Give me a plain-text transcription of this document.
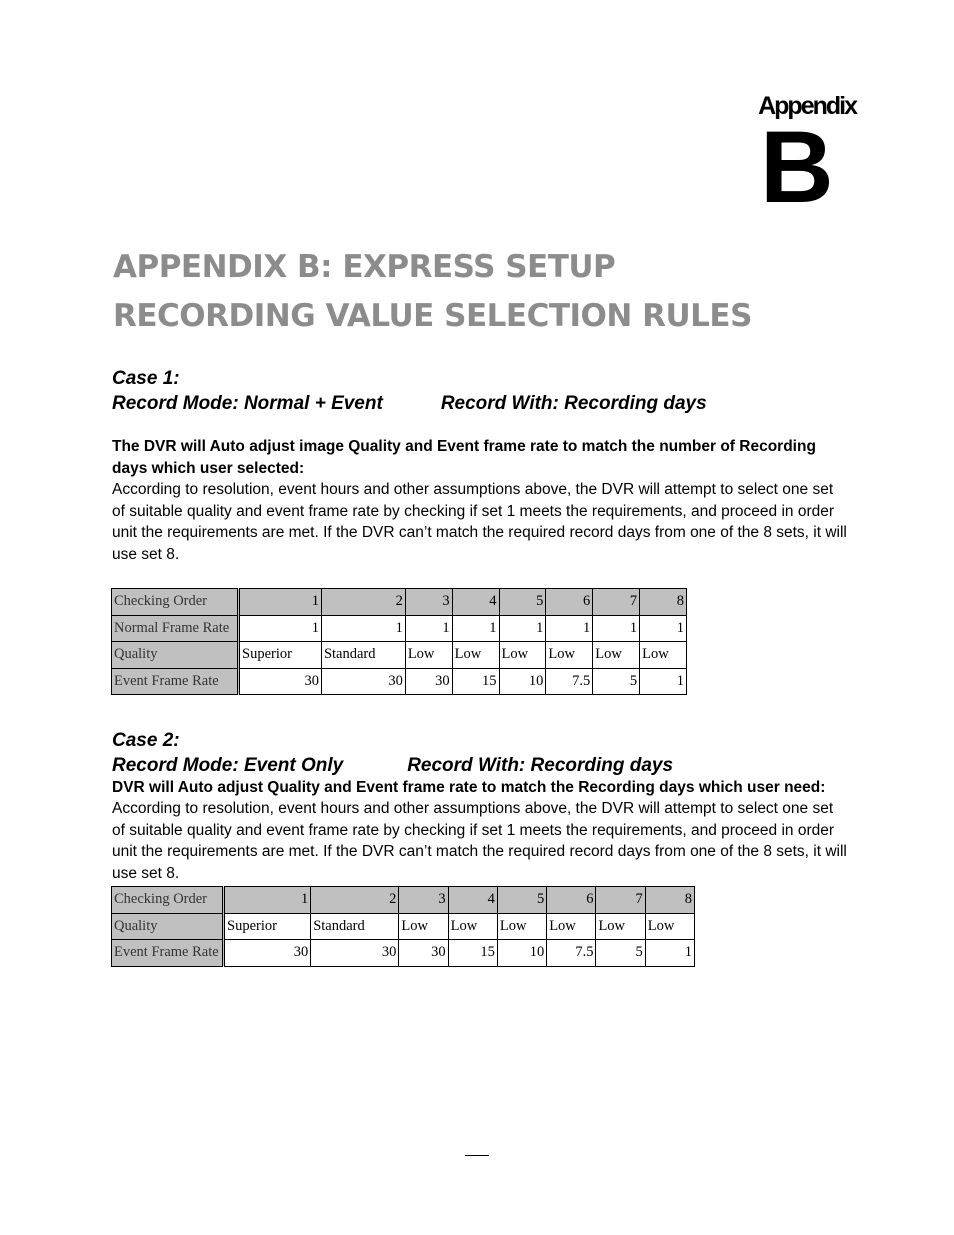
Appendix
B
APPENDIX B: EXPRESS SETUP
RECORDING VALUE SELECTION RULES
Case 1:
Record Mode: Normal + Event	Record With: Recording days
The DVR will Auto adjust image Quality and Event frame rate to match the number of Recording days which user selected:
According to resolution, event hours and other assumptions above, the DVR will attempt to select one set of suitable quality and event frame rate by checking if set 1 meets the requirements, and proceed in order unit the requirements are met. If the DVR can’t match the required record days from one of the 8 sets, it will use set 8.
Checking Order	1	2	3	4	5	6	7	8
Normal Frame Rate	1	1	1	1	1	1	1	1
Quality	Superior	Standard	Low	Low	Low	Low	Low	Low
Event Frame Rate	30	30	30	15	10	7.5	5	1
Case 2:
Record Mode: Event Only	Record With: Recording days
DVR will Auto adjust Quality and Event frame rate to match the Recording days which user need:
According to resolution, event hours and other assumptions above, the DVR will attempt to select one set of suitable quality and event frame rate by checking if set 1 meets the requirements, and proceed in order unit the requirements are met. If the DVR can’t match the required record days from one of the 8 sets, it will use set 8.
Checking Order	1	2	3	4	5	6	7	8
Quality	Superior	Standard	Low	Low	Low	Low	Low	Low
Event Frame Rate	30	30	30	15	10	7.5	5	1
